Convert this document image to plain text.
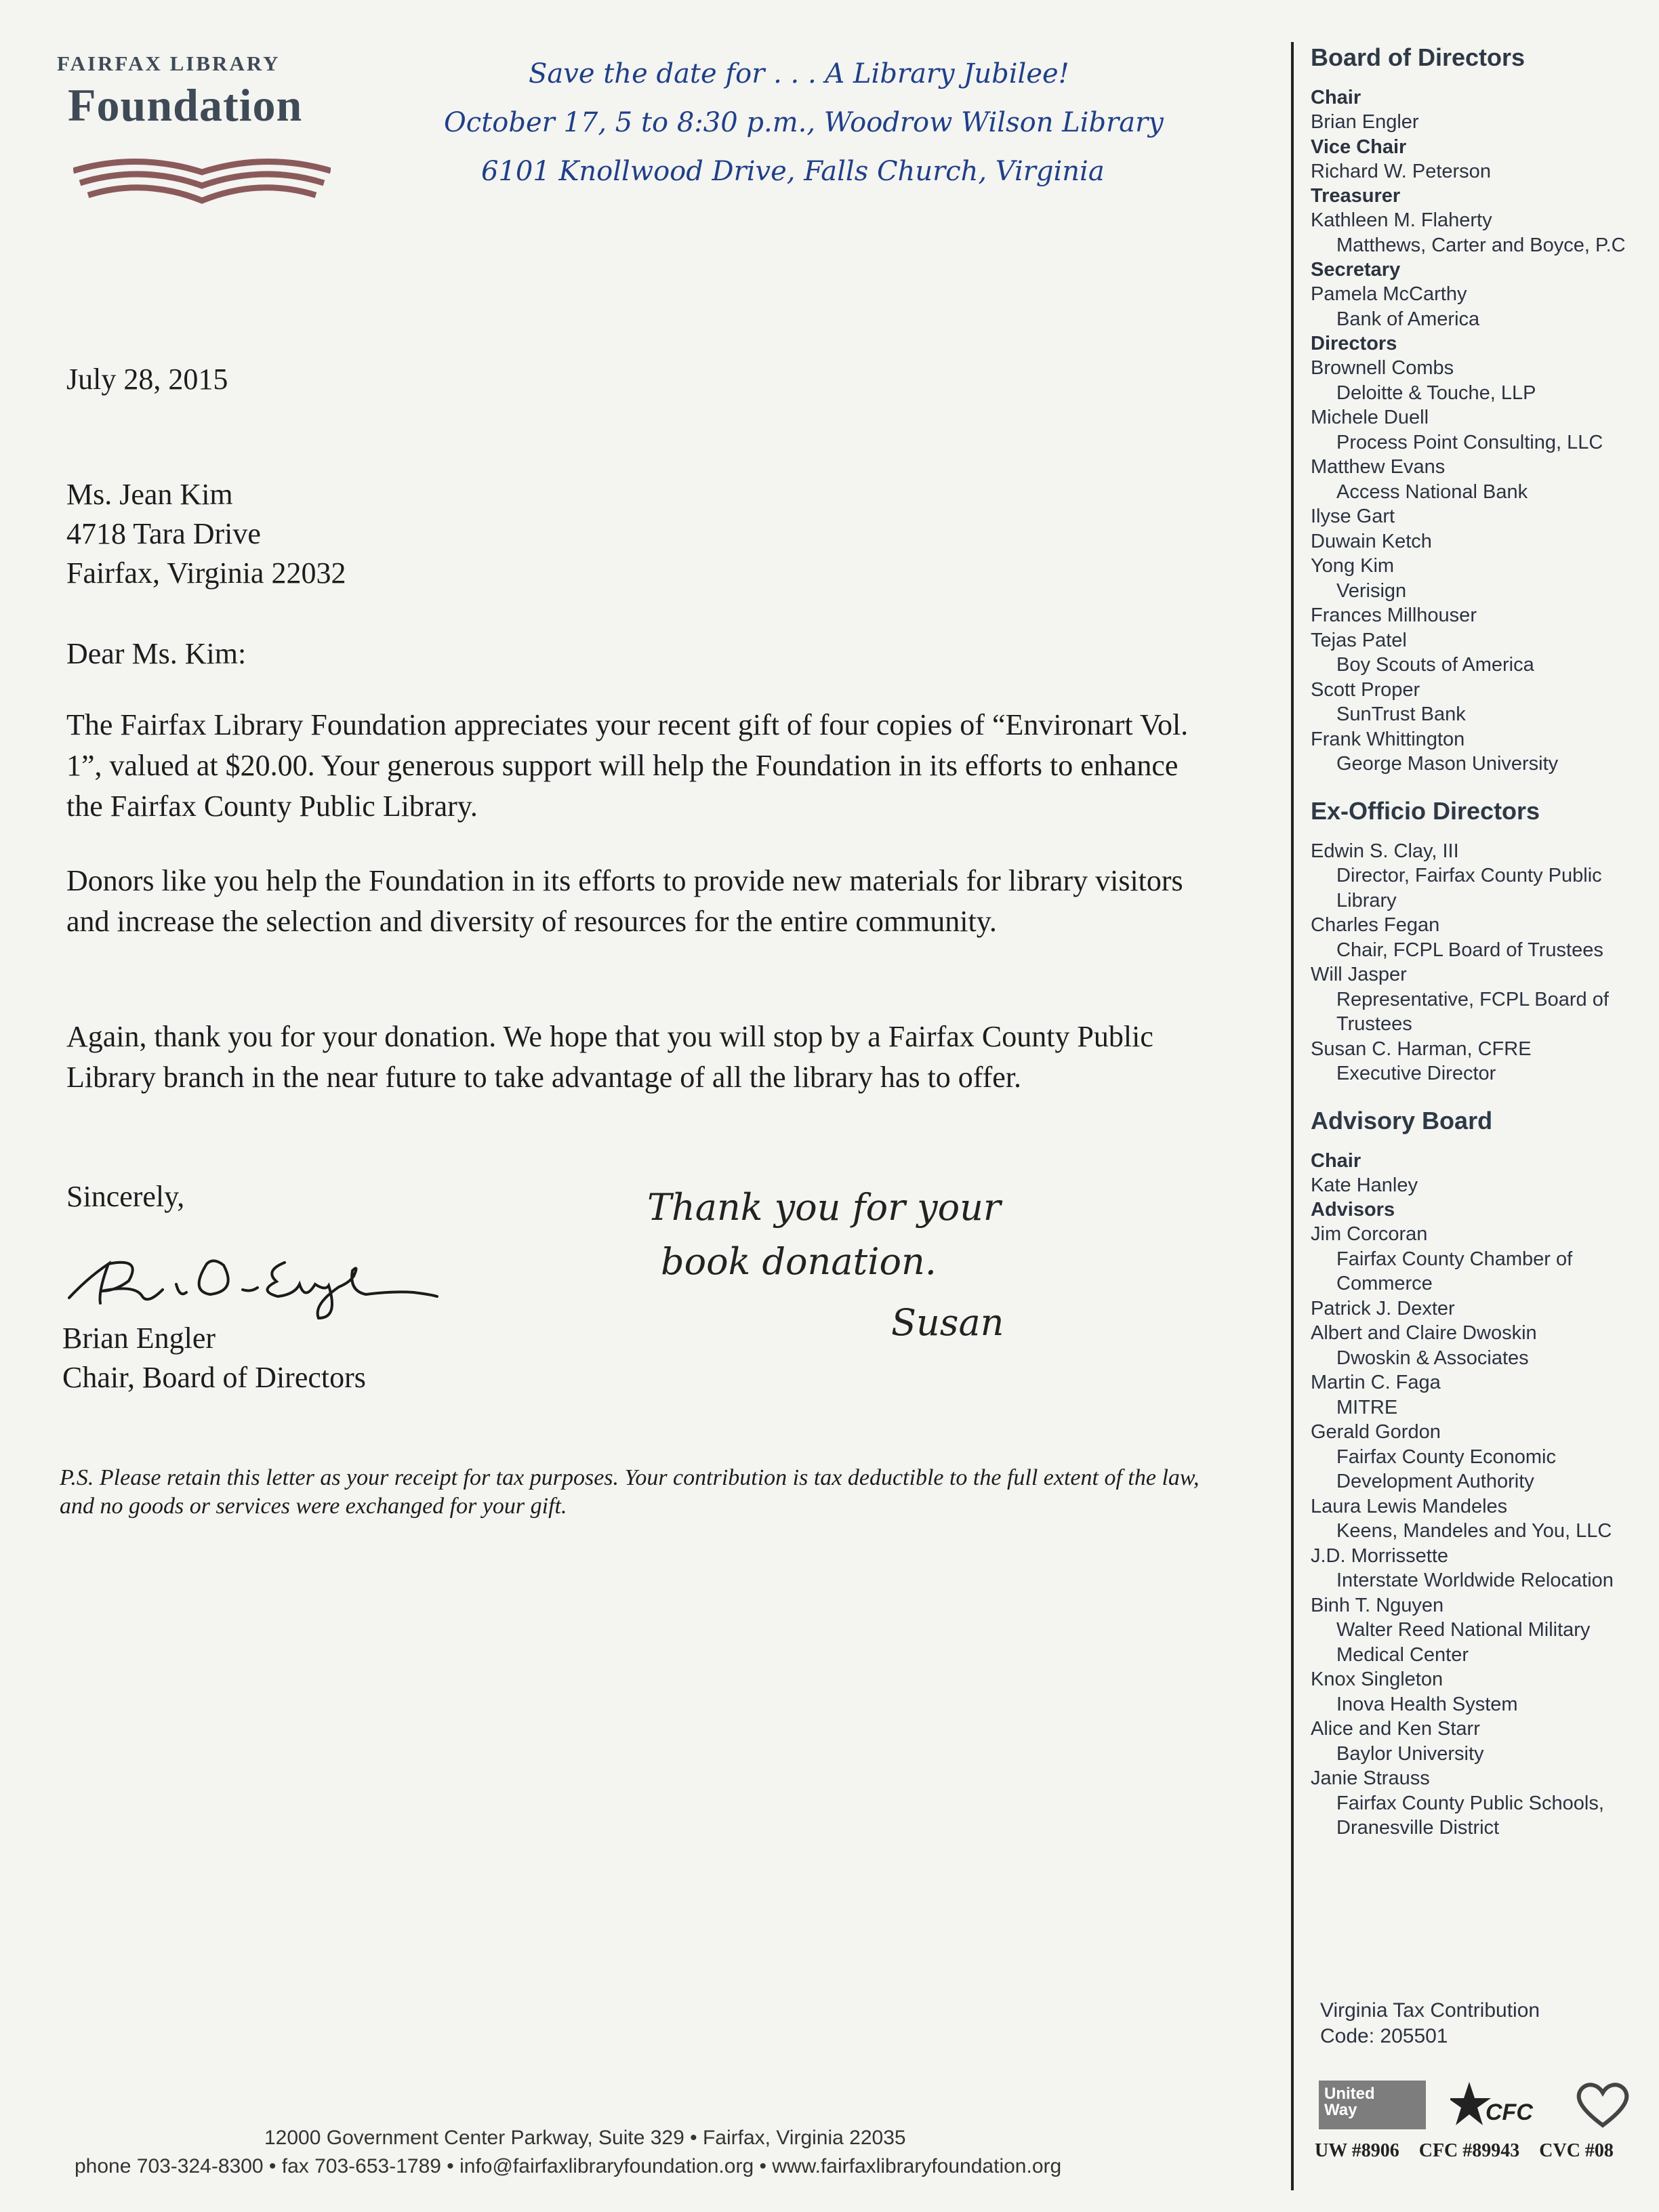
FAIRFAX LIBRARY
Foundation
Save the date for . . . A Library Jubilee!
October 17, 5 to 8:30 p.m., Woodrow Wilson Library
6101 Knollwood Drive, Falls Church, Virginia
July 28, 2015
Ms. Jean Kim
4718 Tara Drive
Fairfax, Virginia 22032
Dear Ms. Kim:
The Fairfax Library Foundation appreciates your recent gift of four copies of “Environart Vol. 1”, valued at $20.00. Your generous support will help the Foundation in its efforts to enhance the Fairfax County Public Library.
Donors like you help the Foundation in its efforts to provide new materials for library visitors and increase the selection and diversity of resources for the entire community.
Again, thank you for your donation. We hope that you will stop by a Fairfax County Public Library branch in the near future to take advantage of all the library has to offer.
Sincerely,
Brian Engler
Chair, Board of Directors
P.S. Please retain this letter as your receipt for tax purposes. Your contribution is tax deductible to the full extent of the law, and no goods or services were exchanged for your gift.
Thank you for your
book donation.
Susan
12000 Government Center Parkway, Suite 329 • Fairfax, Virginia 22035
phone 703-324-8300 • fax 703-653-1789 • info@fairfaxlibraryfoundation.org • www.fairfaxlibraryfoundation.org
Board of Directors
Chair
Brian Engler
Vice Chair
Richard W. Peterson
Treasurer
Kathleen M. Flaherty
Matthews, Carter and Boyce, P.C
Secretary
Pamela McCarthy
Bank of America
Directors
Brownell Combs
Deloitte & Touche, LLP
Michele Duell
Process Point Consulting, LLC
Matthew Evans
Access National Bank
Ilyse Gart
Duwain Ketch
Yong Kim
Verisign
Frances Millhouser
Tejas Patel
Boy Scouts of America
Scott Proper
SunTrust Bank
Frank Whittington
George Mason University
Ex-Officio Directors
Edwin S. Clay, III
Director, Fairfax County Public
Library
Charles Fegan
Chair, FCPL Board of Trustees
Will Jasper
Representative, FCPL Board of
Trustees
Susan C. Harman, CFRE
Executive Director
Advisory Board
Chair
Kate Hanley
Advisors
Jim Corcoran
Fairfax County Chamber of
Commerce
Patrick J. Dexter
Albert and Claire Dwoskin
Dwoskin & Associates
Martin C. Faga
MITRE
Gerald Gordon
Fairfax County Economic
Development Authority
Laura Lewis Mandeles
Keens, Mandeles and You, LLC
J.D. Morrissette
Interstate Worldwide Relocation
Binh T. Nguyen
Walter Reed National Military
Medical Center
Knox Singleton
Inova Health System
Alice and Ken Starr
Baylor University
Janie Strauss
Fairfax County Public Schools,
Dranesville District
Virginia Tax Contribution
Code: 205501
United
Way	CFC
UW #8906 CFC #89943 CVC #08
